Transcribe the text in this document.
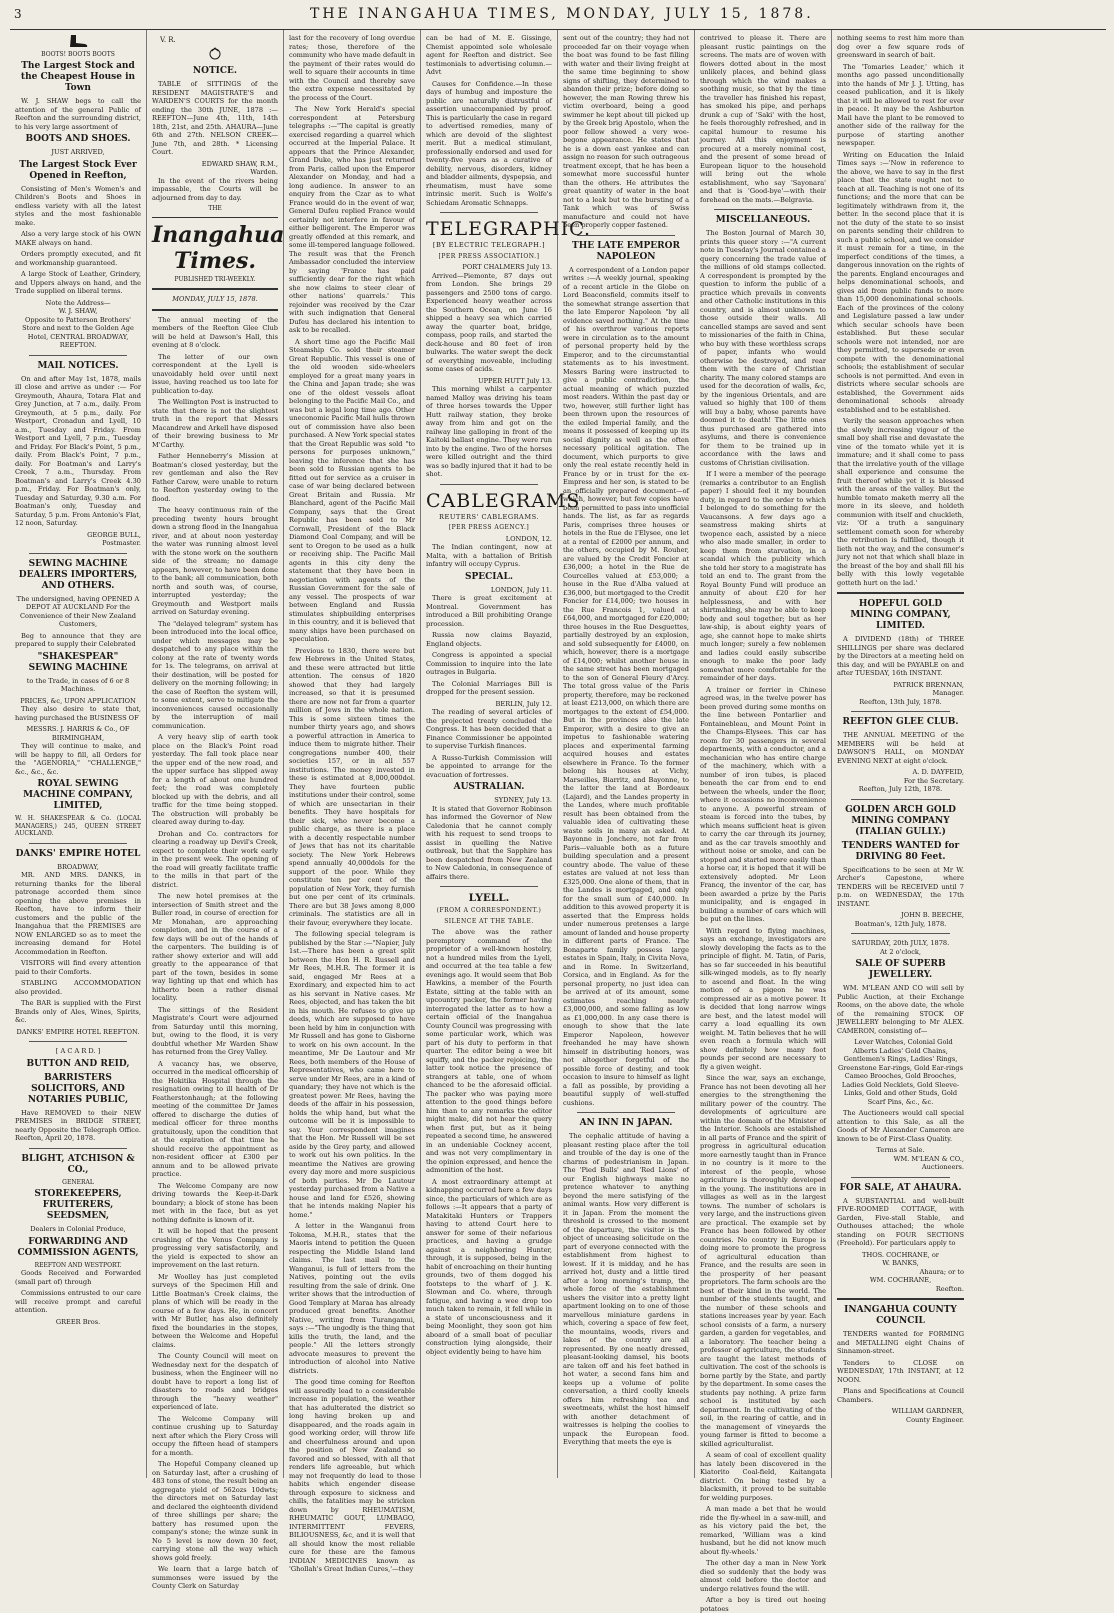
3	THE INANGAHUA TIMES, MONDAY, JULY 15, 1878.
BOOTS! BOOTS BOOTS
The Largest Stock and the Cheapest House in Town

W. J. SHAW begs to call the attention of the general Public of Reefton and the surrounding district, to his very large assortment of

BOOTS AND SHOES.
JUST ARRIVED,
The Largest Stock Ever Opened in Reefton,

Consisting of Men's Women's and Children's Boots and Shoes in endless variety with all the latest styles and the most fashionable make.

Also a very large stock of his OWN MAKE always on hand.

Orders promptly executed, and fit and workmanship guaranteed.

A large Stock of Leather, Grindery, and Uppers always on hand, and the Trade supplied on liberal terms.

Note the Address—
W. J. SHAW,

Opposite to Patterson Brothers' Store and next to the Golden Age Hotel, CENTRAL BROADWAY, REEFTON.

MAIL NOTICES.

On and after May 1st, 1878, mails ill close and arrive as under :— For Greymouth, Ahaura, Totara Flat and Grey Junction, at 7 a.m., daily. From Greymouth, at 5 p.m., daily. For Westport, Cronadun and Lyell, 10 a.m., Tuesday and Friday. From Westport and Lyell, 7 p.m., Tuesday and Friday. For Black's Point, 5 p.m., daily. From Black's Point, 7 p.m., daily. For Boatman's and Larry's Creek, 7 a.m., Thursday. From Boatman's and Larry's Creek 4.30 p.m., Friday. For Boatman's only, Tuesday and Saturday, 9.30 a.m. For Boatman's only, Tuesday and Saturday, 5 p.m. From Antonio's Flat, 12 noon, Saturday.

GEORGE BULL,
Postmaster.
SEWING MACHINE DEALERS IMPORTERS, AND OTHERS.

The undersigned, having OPENED A DEPOT AT AUCKLAND For the Convenience of their New Zealand Customers,

Beg to announce that they are prepared to supply their Celebrated

"SHAKESPEAR" SEWING MACHINE

to the Trade, in cases of 6 or 8 Machines.

PRICES, &c, UPON APPLICATION

They also desire to state that, having purchased the BUSINESS OF

MESSRS. J. HARRIS & Co., OF BIRMINGHAM,

They will continue to make, and will be happy to fill, all Orders for the "AGENORIA," "CHALLENGE," &c., &c., &c.

ROYAL SEWING MACHINE COMPANY, LIMITED,

W. H. SHAKESPEAR & Co. (LOCAL MANAGERS,) 245, QUEEN STREET AUCKLAND.

DANKS' EMPIRE HOTEL
BROADWAY,

MR. AND MRS. DANKS, in returning thanks for the liberal patronage accorded them since opening the above premises in Reefton, have to inform their customers and the public of the Inangahua that the PREMISES are NOW ENLARGED so as to meet the increasing demand for Hotel Accommodation in Reefton.

VISITORS will find every attention paid to their Comforts.

STABLING ACCOMMODATION also provided.

The BAR is supplied with the First Brands only of Ales, Wines, Spirits, &c.

DANKS' EMPIRE HOTEL REEFTON.
[ A C A R D. ]
BUTTON AND REID,
BARRISTERS SOLICITORS, AND NOTARIES PUBLIC,

Have REMOVED to their NEW PREMISES in BRIDGE STREET, nearly Opposite the Telegraph Office. Reefton, April 20, 1878.

BLIGHT, ATCHISON & CO.,
GENERAL
STOREKEEPERS, FRUITERERS, SEEDSMEN,
Dealers in Colonial Produce,
FORWARDING AND COMMISSION AGENTS,
REEFTON AND WESTPORT.

Goods Received and Forwarded (small part of) through

Commissions entrusted to our care will receive prompt and careful attention.

GREER Bros.
V. R.
NOTICE.

TABLE of SITTINGS of the RESIDENT MAGISTRATE'S and WARDEN'S COURTS for the month ending the 30th JUNE, 1878 :— REEFTON—June 4th, 11th, 14th 18th, 21st, and 25th. AHAURA—June 6th and 27th. NELSON CREEK—June 7th, and 28th. * Licensing Court.

EDWARD SHAW, R.M.,
Warden.

In the event of the rivers being impassable, the Courts will be adjourned from day to day.

THE
Inangahua Times.
PUBLISHED TRI-WEEKLY.
MONDAY, JULY 15, 1878.

The annual meeting of the members of the Reefton Glee Club will be held at Dawson's Hall, this evening at 8 o'clock.

The letter of our own correspondent at the Lyell is unavoidably held over until next issue, having reached us too late for publication to-day.

The Wellington Post is instructed to state that there is not the slightest truth in the report that Messrs Macandrew and Arkell have disposed of their brewing business to Mr M'Carthy.

Father Henneberry's Mission at Boatman's closed yesterday, but the rev gentleman and also the Rev Father Carew, were unable to return to Reefton yesterday owing to the flood.

The heavy continuous rain of the preceding twenty hours brought down a strong flood in the Inangahua river, and at about noon yesterday the water was running almost level with the stone work on the southern side of the stream; no damage appears, however, to have been done to the bank; all communication, both north and south was, of course, interrupted yesterday; the Greymouth and Westport mails arrived on Saturday evening.

The "delayed telegram" system has been introduced into the local office, under which messages may be despatched to any place within the colony at the rate of twenty words for 1s. The telegrams, on arrival at their destination, will be posted for delivery on the morning following; in the case of Reefton the system will, to some extent, serve to mitigate the inconveniences caused occasionally by the interruption of mail communication.

A very heavy slip of earth took place on the Black's Point road yesterday. The fall took place near the upper end of the new road, and the upper surface has slipped away for a length of about one hundred feet; the road was completely blocked up with the debris, and all traffic for the time being stopped. The obstruction will probably be cleared away during to-day.

Drohan and Co. contractors for clearing a roadway up Devil's Creek, expect to complete their work early in the present week. The opening of the road will greatly facilitate traffic to the mills in that part of the district.

The new hotel premises at the intersection of Smith street and the Buller road, in course of erection for Mr Monahan, are approaching completion, and in the course of a few days will be out of the hands of the carpenters. The building is of rather showy exterior and will add greatly to the appearance of that part of the town, besides in some way lighting up that end which has hitherto been a rather dismal locality.

The sittings of the Resident Magistrate's Court were adjourned from Saturday until this morning, but, owing to the flood, it is very doubtful whether Mr Warden Shaw has returned from the Grey Valley.

A vacancy has, we observe, occurred in the medical officership of the Hokitika Hospital through the resignation owing to ill health of Dr Featherstonhaugh; at the following meeting of the committee Dr James offered to discharge the duties of medical officer for three months gratuitously, upon the condition that at the expiration of that time he should receive the appointment as non-resident officer at £300 per annum and to be allowed private practice.

The Welcome Company are now driving towards the Keep-it-Dark boundary; a block of stone has been met with in the face, but as yet nothing definite is known of it.

It will be hoped that the present crushing of the Venus Company is progressing very satisfactorily, and the yield is expected to show an improvement on the last return.

Mr Woolley has just completed surveys of the Specimen Hill and Little Boatman's Creek claims, the plans of which will be ready in the course of a few days. He, in concert with Mr Butler, has also definitely fixed the boundaries in the stopes, between the Welcome and Hopeful claims.

The County Council will meet on Wednesday next for the despatch of business, when the Engineer will no doubt have to report a long list of disasters to roads and bridges through the "heavy weather" experienced of late.

The Welcome Company will continue crushing up to Saturday next after which the Fiery Cross will occupy the fifteen head of stampers for a month.

The Hopeful Company cleaned up on Saturday last, after a crushing of 483 tons of stone, the result being an aggregate yield of 562ozs 10dwts; the directors met on Saturday last and declared the eighteenth dividend of three shillings per share; the battery has resumed upon the company's stone; the winze sunk in No 5 level is now down 30 feet, carrying stone all the way which shows gold freely.

We learn that a large batch of summonses were issued by the County Clerk on Saturday

last for the recovery of long overdue rates; those, therefore of the community who have made default in the payment of their rates would do well to square their accounts in time with the Council and thereby save the extra expense necessitated by the process of the Court.

The New York Herald's special correspondent at Petersburg telegraphs :—"The capital is greatly exercised regarding a quarrel which occurred at the Imperial Palace. It appears that the Prince Alexander, Grand Duke, who has just returned from Paris, called upon the Emperor Alexander on Monday, and had a long audience. In answer to an enquiry from the Czar as to what France would do in the event of war, General Dufeu replied France would certainly not interfere in favour of either belligerent. The Emperor was greatly offended at this remark, and some ill-tempered language followed. The result was that the French Ambassador concluded the interview by saying 'France has paid sufficiently dear for the right which she now claims to steer clear of other nations' quarrels.' This rejoinder was received by the Czar with such indignation that General Dufeu has declared his intention to ask to be recalled.

A short time ago the Pacific Mail Steamship Co. sold their steamer Great Republic. This vessel is one of the old wooden side-wheelers employed for a great many years in the China and Japan trade; she was one of the oldest vessels afloat belonging to the Pacific Mail Co., and was but a legal long time ago. Other uneconomic Pacific Mail hulls thrown out of commission have also been purchased. A New York special states that the Great Republic was sold "to persons for purposes unknown," leaving the inference that she has been sold to Russian agents to be fitted out for service as a cruiser in case of war being declared between Great Britain and Russia. Mr Blanchard, agent of the Pacific Mail Company, says that the Great Republic has been sold to Mr Cornwall, President of the Black Diamond Coal Company, and will be sent to Oregon to be used as a hulk or receiving ship. The Pacific Mail agents in this city deny the statement that they have been in negotiation with agents of the Russian Government for the sale of any vessel. The prospects of war between England and Russia stimulates shipbuilding enterprises in this country, and it is believed that many ships have been purchased on speculation.

Previous to 1830, there were but few Hebrews in the United States, and these were attracted but little attention. The census of 1820 showed that they had largely increased, so that it is presumed there are now not far from a quarter million of Jews in the whole nation. This is some sixteen times the number thirty years ago, and shows a powerful attraction in America to induce them to migrate hither. Their congregations number 400, their societies 157, or in all 557 institutions. The money invested in these is estimated at 8,000,000dol. They have fourteen public institutions under their control, some of which are unsectarian in their benefits. They have hospitals for their sick, who never become a public charge, as there is a place with a decently respectable number of Jews that has not its charitable society. The New York Hebrews spend annually 40,000dols for the support of the poor. While they constitute ten per cent of the population of New York, they furnish but one per cent of its criminals. There are but 38 Jews among 8,000 criminals. The statistics are all in their favour, everywhere they locate.

The following special telegram is published by the Star :—"Napier, July 1st.—There has been a great split between the Hon H. R. Russell and Mr Rees, M.H.R. The former it is said, engaged Mr Rees at a Exordinary, and expected him to act as his servant in Native cases. Mr Rees, objected, and has taken the bit in his mouth. He refuses to give up deeds, which are supposed to have been held by him in conjunction with Mr Russell and has gone to Gisborne to work on his own account. In the meantime, Mr De Lautour and Mr Rees, both members of the House of Representatives, who came here to serve under Mr Rees, are in a kind of quandary; they have not which is the greatest power. Mr Rees, having the deeds of the affair in his possession, holds the whip hand, but what the outcome will be it is impossible to say. Your correspondent imagines that the Hon. Mr Russell will be set aside by the Grey party, and allowed to work out his own politics. In the meantime the Natives are growing every day more and more suspicious of both parties. Mr De Lautour yesterday purchased from a Native a house and land for £526, showing that he intends making Napier his home."

A letter in the Wanganui from Tokoma, M.H.R., states that the Maoris intend to petition the Queen respecting the Middle Island land claims. The last mail to the Wanganui, is full of letters from the Natives, pointing out the evils resulting from the sale of drink. One writer shows that the introduction of Good Templary at Maraa has already produced great benefits. Another Native, writing from Turangamui, says :—"The ungodly is the thing that kills the truth, the land, and the people." All the letters strongly advocate measures to prevent the introduction of alcohol into Native districts.

The good time coming for Reefton will assuredly lead to a considerable increase in population, the weather that has adulterated the district so long having broken up and disappeared, and the roads again in good working order, will throw life and cheerfulness around and upon the position of New Zealand so favored and so blessed, with all that renders life agreeable, but which may not frequently do lead to those habits which engender disease through exposure to sickness and chills, the fatalities may be stricken down by RHEUMATISM, RHEUMATIC GOUT, LUMBAGO, INTERMITTENT FEVERS, BILIOUSNESS, &c, and it is well that all should know the most reliable cure for these are the famous INDIAN MEDICINES known as 'Ghollah's Great Indian Cures,'—they

can be had of M. E. Gissinge, Chemist appointed sole wholesale agent for Reefton and district. See testimonials to advertising column.—Advt

Causes for Confidence.—In these days of humbug and imposture the public are naturally distrustful of assertion unaccompanied by proof. This is particularly the case in regard to advertised remedies, many of which are devoid of the slightest merit. But a medical stimulant, professionally endorsed and used for twenty-five years as a curative of debility, nervous, disorders, kidney and bladder ailments, dyspepsia, and rheumatism, must have some intrinsic merit. Such is Wolfe's Schiedam Aromatic Schnapps.

TELEGRAPHIC.
[BY ELECTRIC TELEGRAPH.]
[PER PRESS ASSOCIATION.]
PORT CHALMERS July 13.

Arrived—Piemonte, 87 days out from London. She brings 29 passengers and 2500 tons of cargo. Experienced heavy weather across the Southern Ocean, on June 16 shipped a heavy sea which carried away the quarter boat, bridge, compass, poop rails, and started the deck-house and 80 feet of iron bulwarks. The water swept the deck of everything moveable, including some cases of acids.

UPPER HUTT July 13.

This morning whilst a carpenter named Malloy was driving his team of three horses towards the Upper Hutt railway station, they broke away from him and got on the railway line galloping in front of the Kaitoki ballast engine. They were run into by the engine. Two of the horses were killed outright and the third was so badly injured that it had to be shot.

CABLEGRAMS
REUTERS' CABLEGRAMS.
[PER PRESS AGENCY.]
LONDON, 12.

The Indian contingent, now at Malta, with a battalion of British infantry will occupy Cyprus.

SPECIAL.
LONDON, July 11.

There is great excitement at Montreal. Government has introduced a Bill prohibiting Orange procession.

Russia now claims Bayazid, England objects.

Congress is appointed a special Commission to inquire into the late outrages in Bulgaria.

The Colonial Marriages Bill is dropped for the present session.

BERLIN, July 12.

The reading of several articles of the projected treaty concluded the Congress. It has been decided that a Finance Commissioner be appointed to supervise Turkish finances.

A Russo-Turkish Commission will be appointed to arrange for the evacuation of fortresses.

AUSTRALIAN.
SYDNEY, July 13.

It is stated that Governor Robinson has informed the Governor of New Caledonia that he cannot comply with his request to send troops to assist in quelling the Native outbreak, but that the Sapphire has been despatched from New Zealand to New Caledonia, in consequence of affairs there.

LYELL.
(FROM A CORRESPONDENT.)
SILENCE AT THE TABLE.

The above was the rather peremptory command of the proprietor of a well-known hostelry, not a hundred miles from the Lyell, and occurred at the tea table a few evenings ago. It would seem that Bob Hawkins, a member of the Fourth Estate, sitting at the table with an upcountry packer, the former having interrogated the latter as to how a certain official of the Inangahua County Council was progressing with some particular work, which was part of his duty to perform in that quarter. The editor being a wee bit squiffy, and the packer rejoicing, the latter took notice the presence of strangers at table, one of whom chanced to be the aforesaid official. The packer who was paying more attention to the good things before him than to any remarks the editor might make, did not hear the query when first put, but as it being repeated a second time, he answered in an undeniable Cockney accent, and was not very complimentary in the opinion expressed, and hence the admonition of the host.

A most extraordinary attempt at kidnapping occurred here a few days since, the particulars of which are as follows :—It appears that a party of Matakitaki Hunters or Trappers having to attend Court here to answer for some of their nefarious practices, and having a grudge against a neighboring Hunter, through, it is supposed, being in the habit of encroaching on their hunting grounds, two of them dogged his footsteps to the wharf of J. K. Slowman and Co. where, through fatigue, and having a wee drop too much taken to remain, it fell while in a state of unconsciousness and it being Moonlight, they soon got him aboard of a small boat of peculiar construction lying alongside, their object evidently being to have him

sent out of the country; they had not proceeded far on their voyage when the boat was found to be fast filling with water and their living freight at the same time beginning to show signs of shifting, they determined to abandon their prize; before doing so however, the man Rowing threw his victim overboard, being a good swimmer he kept about till picked up by the Greek brig Apostolo, when the poor fellow showed a very woe-begone appearance. He states that he is a down east yankee and can assign no reason for such outrageous treatment except, that he has been a somewhat more successful hunter than the others. He attributes the great quantity of water in the boat not to a leak but to the bursting of a Tank which was of Swiss manufacture and could not have been properly copper fastened.

THE LATE EMPEROR NAPOLEON

A correspondent of a London paper writes :—A weekly journal, speaking of a recent article in the Globe on Lord Beaconsfield, commits itself to the somewhat strange assertion that the late Emperor Napoleon "by all evidence saved nothing." At the time of his overthrow various reports were in circulation as to the amount of personal property held by the Emperor, and to the circumstantial statements as to his investment. Messrs Baring were instructed to give a public contradiction, the actual meaning of which puzzled most readers. Within the past day or two, however, still further light has been thrown upon the resources of the exiled Imperial family, and the means it possessed of keeping up its social dignity as well as the often necessary political agitation. The document, which purports to give only the real estate recently held in France by or in trust for the ex-Empress and her son, is stated to be an officially prepared document—of which, however, but few copies have been permitted to pass into unofficial hands. The list, as far as regards Paris, comprises three houses or hotels in the Rue de l'Elysee, one let at a rental of £2000 per annum, and the others, occupied by M. Rouher, are valued by the Credit Foncier at £36,000; a hotel in the Rue de Courcelles valued at £53,000; a house in the Rue d'Alba valued at £36,000, but mortgaged to the Credit Foncier for £14,000; two houses in the Rue Francois 1, valued at £64,000, and mortgaged for £20,000; three houses in the Rue Desguettes, partially destroyed by an explosion, and sold subsequently for £4000, on which, however, there is a mortgage of £14,000; whilst another house in the same street has been mortgaged to the son of General Fleury d'Arcy. The total gross value of the Paris property, therefore, may be reckoned at least £213,000, on which there are mortgages to the extent of £54,000. But in the provinces also the late Emperor, with a desire to give an impetus to fashionable watering places and experimental farming acquired houses and estates elsewhere in France. To the former belong his houses at Vichy, Marseilles, Biarritz, and Bayonne, to the latter the land at Bordeaux (Lajard), and the Landes property in the Landes, where much profitable result has been obtained from the valuable idea of cultivating these waste soils in many an asked. At Bayonne in Jonchere, not far from Paris—valuable both as a future building speculation and a present country abode. The value of these estates are valued at not less than £325,000. One alone of them, that in the Landes is mortgaged, and only for the small sum of £40,000. In addition to this avowed property it is asserted that the Empress holds under numerous pretenses a large amount of landed and house property in different parts of France. The Bonaparte family possess large estates in Spain, Italy, in Civita Nova, and in Rome. In Switzerland, Corsica, and in England. As for the personal property, no just idea can be arrived at of its amount, some estimates reaching nearly £3,000,000, and some falling as low as £1,000,000. In any case there is enough to show that the late Emperor Napoleon, however freehanded he may have shown himself in distributing honors, was not altogether forgetful of the possible force of destiny, and took occasion to insure to himself as light a fall as possible, by providing a beautiful supply of well-stuffed cushions.

AN INN IN JAPAN.

The cephalic attitude of having a pleasant resting place after the toil and trouble of the day is one of the charms of pedestrianism in Japan. The 'Pied Bulls' and 'Red Lions' of our English highways make no pretence whatever to anything beyond the mere satisfying of the animal wants. How very different is it in Japan. From the moment the threshold is crossed to the moment of the departure, the visitor is the object of unceasing solicitude on the part of everyone connected with the establishment from highest to lowest. If it is midday, and he has arrived hot, dusty and a little tired after a long morning's tramp, the whole force of the establishment ushers the visitor into a pretty light apartment looking on to one of those marvellous miniature gardens in which, covering a space of few feet, the mountains, woods, rivers and lakes of the country are all represented. By one neatly dressed, pleasant-looking damsel, his boots are taken off and his feet bathed in hot water, a second fans him and keeps up a volume of polite conversation, a third coolly kneels offers him refreshing tea and sweetmeats, whilst the host himself with another detachment of waitresses is helping the coolies to unpack the European food. Everything that meets the eye is

contrived to please it. There are pleasant rustic paintings on the screens. The mats are of woven with flowers dotted about in the most unlikely places, and behind glass through which the wind makes a soothing music, so that by the time the traveller has finished his repast, has smoked his pipe, and perhaps drunk a cup of 'Saki' with the host, he feels thoroughly refreshed, and in capital humour to resume his journey. All this enjoyment is procured at a merely nominal cost, and the present of some bread of European liquor to the household will bring out the whole establishment, who say 'Sayonara' and that is 'Good-bye'—with their forehead on the mats.—Belgravia.

MISCELLANEOUS.

The Boston Journal of March 30, prints this queer story :—"A current note in Tuesday's Journal contained a query concerning the trade value of the millions of old stamps collected. A correspondent is prompted by the question to inform the public of a practice which prevails in convents and other Catholic institutions in this country, and is almost unknown to those outside their walls. All cancelled stamps are saved and sent to missionaries of the faith in China, who buy with these worthless scraps of paper, infants who would otherwise be destroyed, and rear them with the care of Christian charity. The many colored stamps are used for the decoration of walls, &c, by the ingenious Orientals, and are valued so highly that 100 of them will buy a baby, whose parents have doomed it to death! The little ones thus purchased are gathered into asylums, and there is convenience for them to be trained up in accordance with the laws and customs of Christian civilisation.

If I were a member of the peerage (remarks a contributor to an English paper) I should feel it my bounden duty, in regard to the order to which I belonged to do something for the Vaucansons. A few days ago a seamstress making shirts at twopence each, assisted by a niece who also made smaller, in order to keep them from starvation, in a scandal which the publicity which she told her story to a magistrate has told an end to. The grant from the Royal Bounty Fund will produce an annuity of about £20 for her helplessness, and with her shirtmaking, she may be able to keep body and soul together; but as her law-ship, is about eighty years of age, she cannot hope to make shirts much longer; surely a few noblemen and ladies could easily subscribe enough to make the poor lady somewhat more comfortable for the remainder of her days.

A trainer or ferrier in Chinese agreed was, in the twelve power has been proved during some months on the line between Pontarlier and Fontainebleau, and Mount Point in the Champs-Elysees. This car has room for 30 passengers in several departments, with a conductor, and a mechanician who has entire charge of the machinery, which with a number of iron tubes, is placed beneath the car from end to end between the wheels, under the floor, where it occasions no inconvenience to anyone. A powerful stream of steam is forced into the tubes, by which means sufficient heat is given to carry the car through its journey, and as the car travels smoothly and without noise or smoke, and can be stopped and started more easily than a horse car, it is hoped that it will be extensively adopted. Mr Leon Francq, the inventor of the car, has been awarded a prize by the Paris municipality, and is engaged in building a number of cars which will be put on the lines.

With regard to flying machines, says an exchange, investigators are slowly developing the facts as to the principle of flight. M. Tatin, of Paris, has so far succeeded in his beautiful silk-winged models, as to fly nearly to ascend and float. In the wing motion of a pigeon he was compressed air as a motive power. It is decided that long narrow wings are best, and the latest model will carry a load equalling its own weight. M. Tatin believes that he will even reach a formula which will show definitely how many foot pounds per second are necessary to fly a given weight.

Since the war, says an exchange, France has not been devoting all her energies to the strengthening the military power of the country. The developments of agriculture are within the domain of the Minister of the Interior. Schools are established in all parts of France and the spirit of progress in agricultural education more earnestly taught than in France in no country is it more to the interest of the people, whose agriculture is thoroughly developed in the young. The institutions are in villages as well as in the largest towns. The number of scholars is very large, and the instructions given are practical. The example set by France has been followed by other countries. No country in Europe is doing more to promote the progress of agricultural education than France, and the results are seen in the prosperity of her peasant proprietors. The farm schools are the best of their kind in the world. The number of the students taught, and the number of these schools and stations increases year by year. Each school consists of a farm, a nursery garden, a garden for vegetables, and a laboratory. The teacher being a professor of agriculture, the students are taught the latest methods of cultivation. The cost of the schools is borne partly by the State, and partly by the department. In some cases the students pay nothing. A prize farm school is instituted by each department. In the cultivating of the soil, in the rearing of cattle, and in the management of vineyards the young farmer is fitted to become a skilled agriculturalist.

A seam of coal of excellent quality has lately been discovered in the Kiatorito Coal-field, Kaitangata district. On being tested by a blacksmith, it proved to be suitable for welding purposes.

A man made a bet that he would ride the fly-wheel in a saw-mill, and as his victory paid the bet, the remarked, 'William was a kind husband, but he did not know much about fly-wheels.'

The other day a man in New York died so suddenly that the body was almost cold before the doctor and undergo relatives found the will.

After a boy is tired out hoeing potatoes

nothing seems to rest him more than dog over a few square rods of greensward in search of bait.

The 'Tomaries Leader,' which it months ago passed unconditionally into the hands of Mr J. J. Utting, has ceased publication, and it is likely that it will be allowed to rest for ever in peace. It may be the Ashburton Mail have the plant to be removed to another side of the railway for the purpose of starting another newspaper.

Writing on Education the Inlaid Times says :—'Now in reference to the above, we have to say in the first place that the state ought not to teach at all. Teaching is not one of its functions; and the more that can be legitimately withdrawn from it, the better. In the second place that it is not the duty of the state to so insist on parents sending their children to such a public school, and we consider it must remain for a time, in the imperfect conditions of the times, a dangerous innovation on the rights of the parents. England encourages and helps denominational schools, and gives aid from public funds to more than 15,000 denominational schools. Each of the provinces of the colony and Legislature passed a law under which secular schools have been established. But these secular schools were not intended, nor are they permitted, to supersede or even compete with the denominational schools; the establishment of secular schools is not permitted. And even in districts where secular schools are established, the Government aids denominational schools already established and to be established.

Verily the season approaches when the slowly increasing vigour of the small boy shall rise and devastate the vine of the tomato while yet it is immature; and it shall come to pass that the irrelative youth of the village shall experience and consume the fruit thereof while yet it is blessed with the areas of the valley. But the humble tomato maketh merry all the more in its sleeve, and holdeth communion with itself and chuckleth, viz: 'Of a truth a sanguinary settlement cometh soon for whereby the retribution is fulfilled, though it lieth not the way, and the consumer's jury not not that which shall blaze in the breast of the boy and shall fill his belly with this lowly vegetable gotteth hurt on the lad.'

HOPEFUL GOLD MINING COMPANY, LIMITED.

A DIVIDEND (18th) of THREE SHILLINGS per share was declared by the Directors at a meeting held on this day, and will be PAYABLE on and after TUESDAY, 16th INSTANT.

PATRICK BRENNAN,
Manager.
Reefton, 13th July, 1878.
REEFTON GLEE CLUB.

THE ANNUAL MEETING of the MEMBERS will be held at DAWSON'S HALL, on MONDAY EVENING NEXT at eight o'clock.

A. D. DAYFEID,
For the Secretary.
Reefton, July 12th, 1878.
GOLDEN ARCH GOLD MINING COMPANY (ITALIAN GULLY.)
TENDERS WANTED for DRIVING 80 Feet.

Specifications to be seen at Mr W. Archer's Capestone, where TENDERS will be RECEIVED until 7 p.m. on WEDNESDAY, the 17th INSTANT.

JOHN B. BEECHE,
Boatman's, 12th July, 1878.
SATURDAY, 20th JULY, 1878.
At 2 o'clock,
SALE OF SUPERB JEWELLERY.

WM. M'LEAN AND CO will sell by Public Auction, at their Exchange Rooms, on the above date, the whole of the remaining STOCK OF JEWELLERY belonging to Mr ALEX. CAMERON, consisting of—

Lever Watches, Colonial Gold Alberts Ladies' Gold Chains, Gentlemen's Rings, Ladies' Rings, Greenstone Ear-rings, Gold Ear-rings Cameo Brooches, Gold Brooches, Ladies Gold Necklets, Gold Sleeve-Links, Gold and other Studs, Gold Scarf Pins, &c., &c.

The Auctioneers would call special attention to this Sale, as all the Goods of Mr Alexander Cameron are known to be of First-Class Quality.

Terms at Sale.
WM. M'LEAN & CO.,
Auctioneers.
FOR SALE, AT AHAURA.

A SUBSTANTIAL and well-built FIVE-ROOMED COTTAGE, with Garden, Five-stall Stable, and Outhouses attached; the whole standing on FOUR SECTIONS (Freehold). For particulars apply to

THOS. COCHRANE, or
W. BANKS,
Ahaura; or to
WM. COCHRANE,
Reefton.
INANGAHUA COUNTY COUNCIL

TENDERS wanted for FORMING and METALLING eight Chains of Sinnamon-street.

Tenders to CLOSE on WEDNESDAY, 17th INSTANT, at 12 NOON.

Plans and Specifications at Council Chambers.

WILLIAM GARDNER,
County Engineer.
